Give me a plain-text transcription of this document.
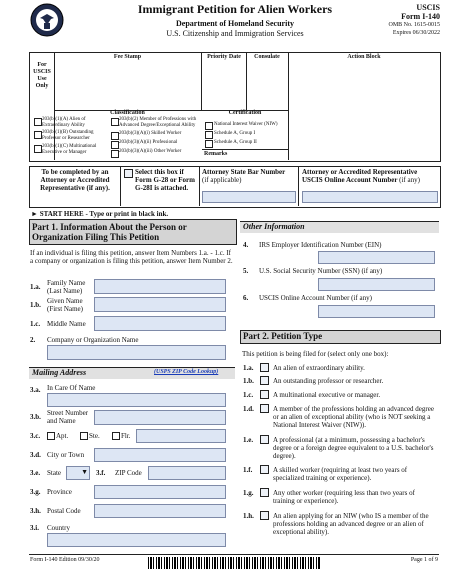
Immigrant Petition for Alien Workers
Department of Homeland Security
U.S. Citizenship and Immigration Services
USCIS
Form I-140
OMB No. 1615-0015
Expires 06/30/2022
For USCIS Use Only
Fee Stamp	Priority Date	Consulate	Action Block
Classification
203(b)(1)(A) Alien of Extraordinary Ability
203(b)(1)(B) Outstanding Professor or Researcher
203(b)(1)(C) Multinational Executive or Manager
203(b)(2) Member of Professions with Advanced Degree/Exceptional Ability
203(b)(3)(A)(i) Skilled Worker
203(b)(3)(A)(ii) Professional
203(b)(3)(A)(iii) Other Worker
Certification
National Interest Waiver (NIW)
Schedule A, Group I
Schedule A, Group II
Remarks
To be completed by an Attorney or Accredited Representative (if any).
Select this box if Form G-28 or Form G-28I is attached.
Attorney State Bar Number
(if applicable)
Attorney or Accredited Representative USCIS Online Account Number (if any)
► START HERE - Type or print in black ink.
Part 1. Information About the Person or Organization Filing This Petition
If an individual is filing this petition, answer Item Numbers 1.a. - 1.c. If a company or organization is filing this petition, answer Item Number 2.
1.a. Family Name (Last Name)
1.b. Given Name (First Name)
1.c. Middle Name
2. Company or Organization Name
Mailing Address	(USPS ZIP Code Lookup)
3.a. In Care Of Name
3.b. Street Number and Name
3.c. Apt.	Ste.	Flr.
3.d. City or Town
3.e. State	▼ 3.f. ZIP Code
3.g. Province
3.h. Postal Code
3.i. Country
Other Information
4. IRS Employer Identification Number (EIN)
5. U.S. Social Security Number (SSN) (if any)
6. USCIS Online Account Number (if any)
Part 2. Petition Type
This petition is being filed for (select only one box):
1.a.	An alien of extraordinary ability.
1.b.	An outstanding professor or researcher.
1.c.	A multinational executive or manager.
1.d.	A member of the professions holding an advanced degree or an alien of exceptional ability (who is NOT seeking a National Interest Waiver (NIW)).
1.e.	A professional (at a minimum, possessing a bachelor's degree or a foreign degree equivalent to a U.S. bachelor's degree).
1.f.	A skilled worker (requiring at least two years of specialized training or experience).
1.g.	Any other worker (requiring less than two years of training or experience).
1.h.	An alien applying for an NIW (who IS a member of the professions holding an advanced degree or an alien of exceptional ability).
Form I-140 Edition 09/30/20	Page 1 of 9
